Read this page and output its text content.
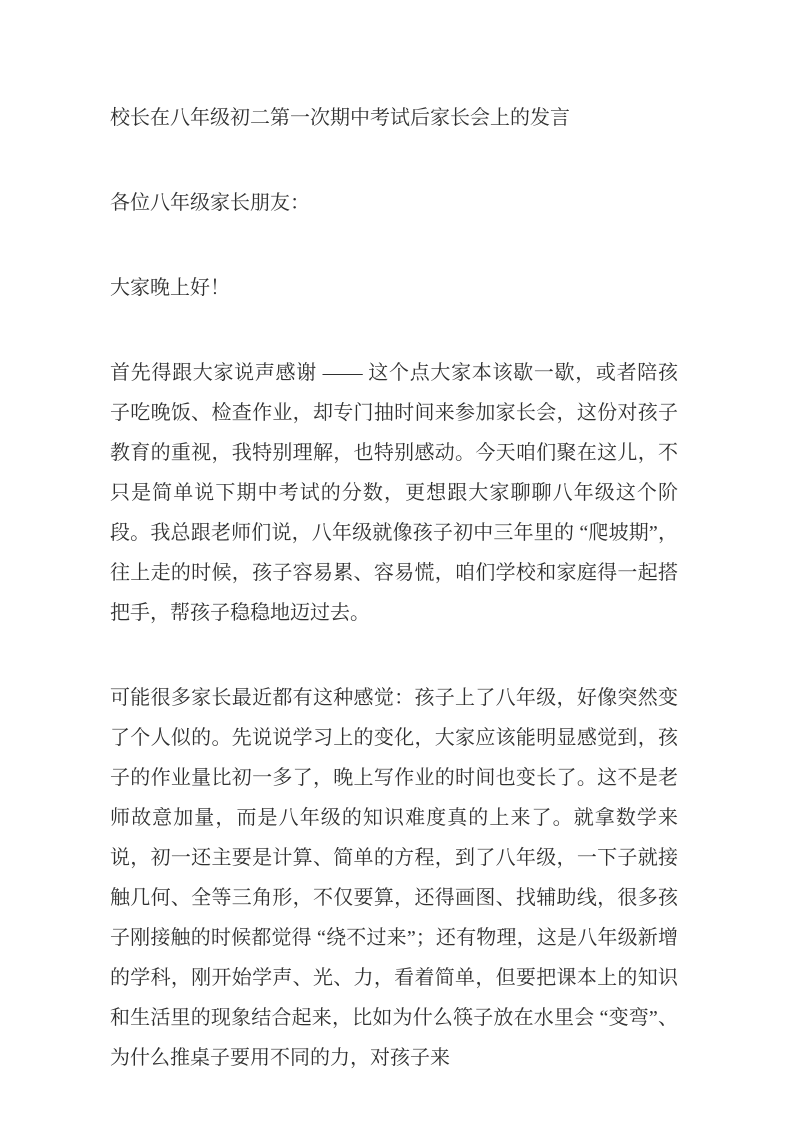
校长在八年级初二第一次期中考试后家长会上的发言

各位八年级家长朋友：

大家晚上好！

首先得跟大家说声感谢 —— 这个点大家本该歇一歇，或者陪孩子吃晚饭、检查作业，却专门抽时间来参加家长会，这份对孩子教育的重视，我特别理解，也特别感动。今天咱们聚在这儿，不只是简单说下期中考试的分数，更想跟大家聊聊八年级这个阶段。我总跟老师们说，八年级就像孩子初中三年里的 “爬坡期”，往上走的时候，孩子容易累、容易慌，咱们学校和家庭得一起搭把手，帮孩子稳稳地迈过去。

可能很多家长最近都有这种感觉：孩子上了八年级，好像突然变了个人似的。先说说学习上的变化，大家应该能明显感觉到，孩子的作业量比初一多了，晚上写作业的时间也变长了。这不是老师故意加量，而是八年级的知识难度真的上来了。就拿数学来说，初一还主要是计算、简单的方程，到了八年级，一下子就接触几何、全等三角形，不仅要算，还得画图、找辅助线，很多孩子刚接触的时候都觉得 “绕不过来”；还有物理，这是八年级新增的学科，刚开始学声、光、力，看着简单，但要把课本上的知识和生活里的现象结合起来，比如为什么筷子放在水里会 “变弯”、为什么推桌子要用不同的力，对孩子来
